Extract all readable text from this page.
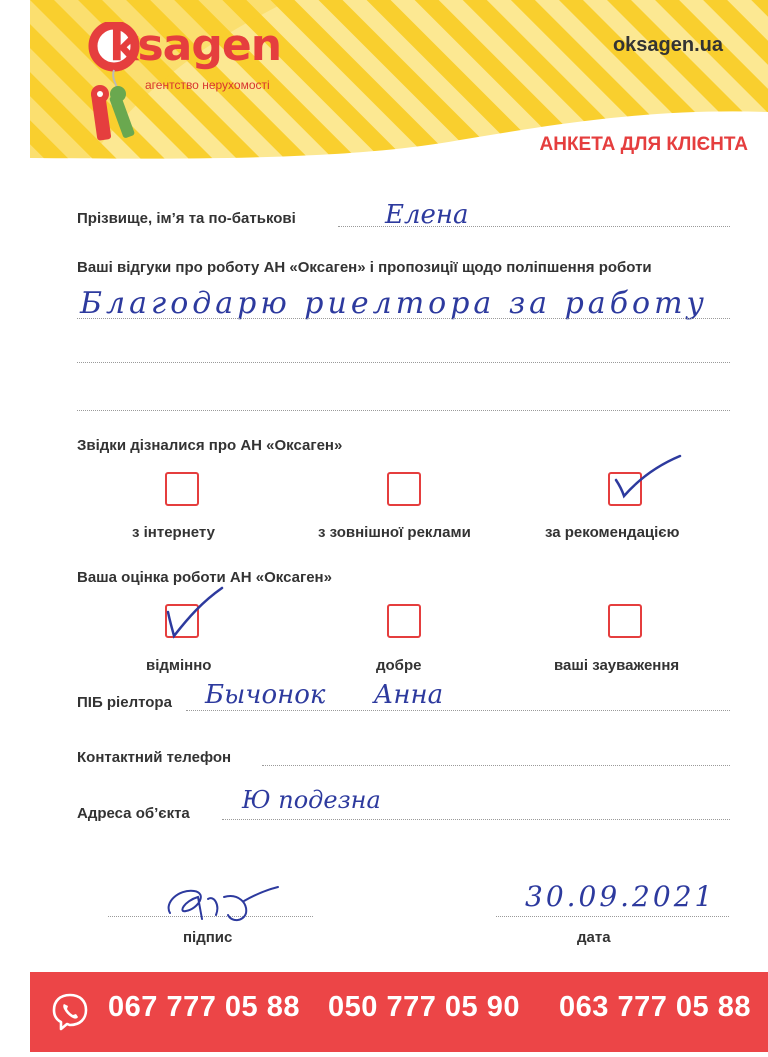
ksagen
агентство нерухомості
oksagen.ua
АНКЕТА ДЛЯ КЛІЄНТА
Прізвище, ім’я та по-батькові	Елена
Ваші відгуки про роботу АН «Оксаген» і пропозиції щодо поліпшення роботи
Благодарю риелтора за работу
Звідки дізналися про АН «Оксаген»
з інтернету	з зовнішної реклами	за рекомендацією
Ваша оцінка роботи АН «Оксаген»
відмінно	добре	ваші зауваження
ПІБ ріелтора Бычонок Анна
Контактний телефон
Адреса об’єкта Ю подезна
підпис
30.09.2021
дата
067 777 05 88 050 777 05 90 063 777 05 88
